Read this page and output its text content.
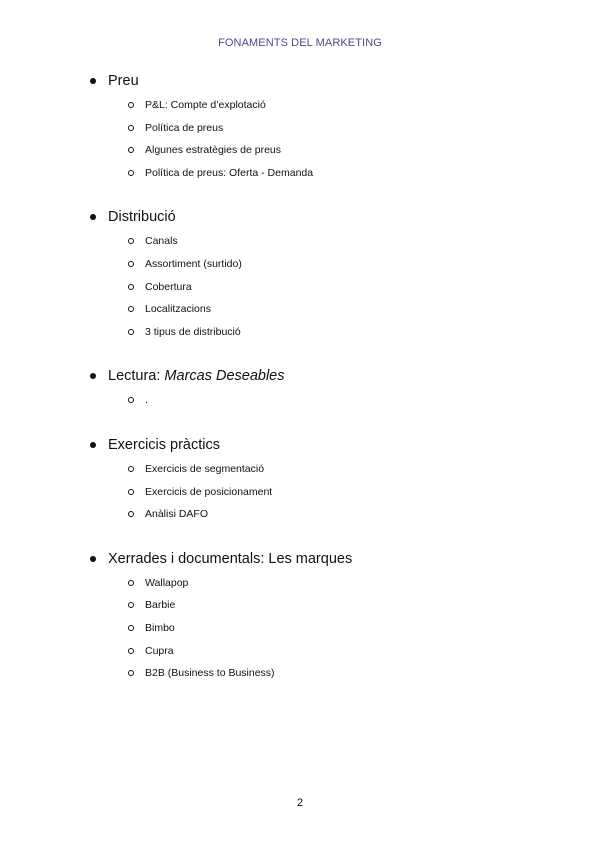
FONAMENTS DEL MARKETING
Preu
P&L: Compte d’explotació
Política de preus
Algunes estratègies de preus
Política de preus: Oferta - Demanda
Distribució
Canals
Assortiment (surtido)
Cobertura
Localitzacions
3 tipus de distribució
Lectura: Marcas Deseables
.
Exercicis pràctics
Exercicis de segmentació
Exercicis de posicionament
Anàlisi DAFO
Xerrades i documentals: Les marques
Wallapop
Barbie
Bimbo
Cupra
B2B (Business to Business)
2
